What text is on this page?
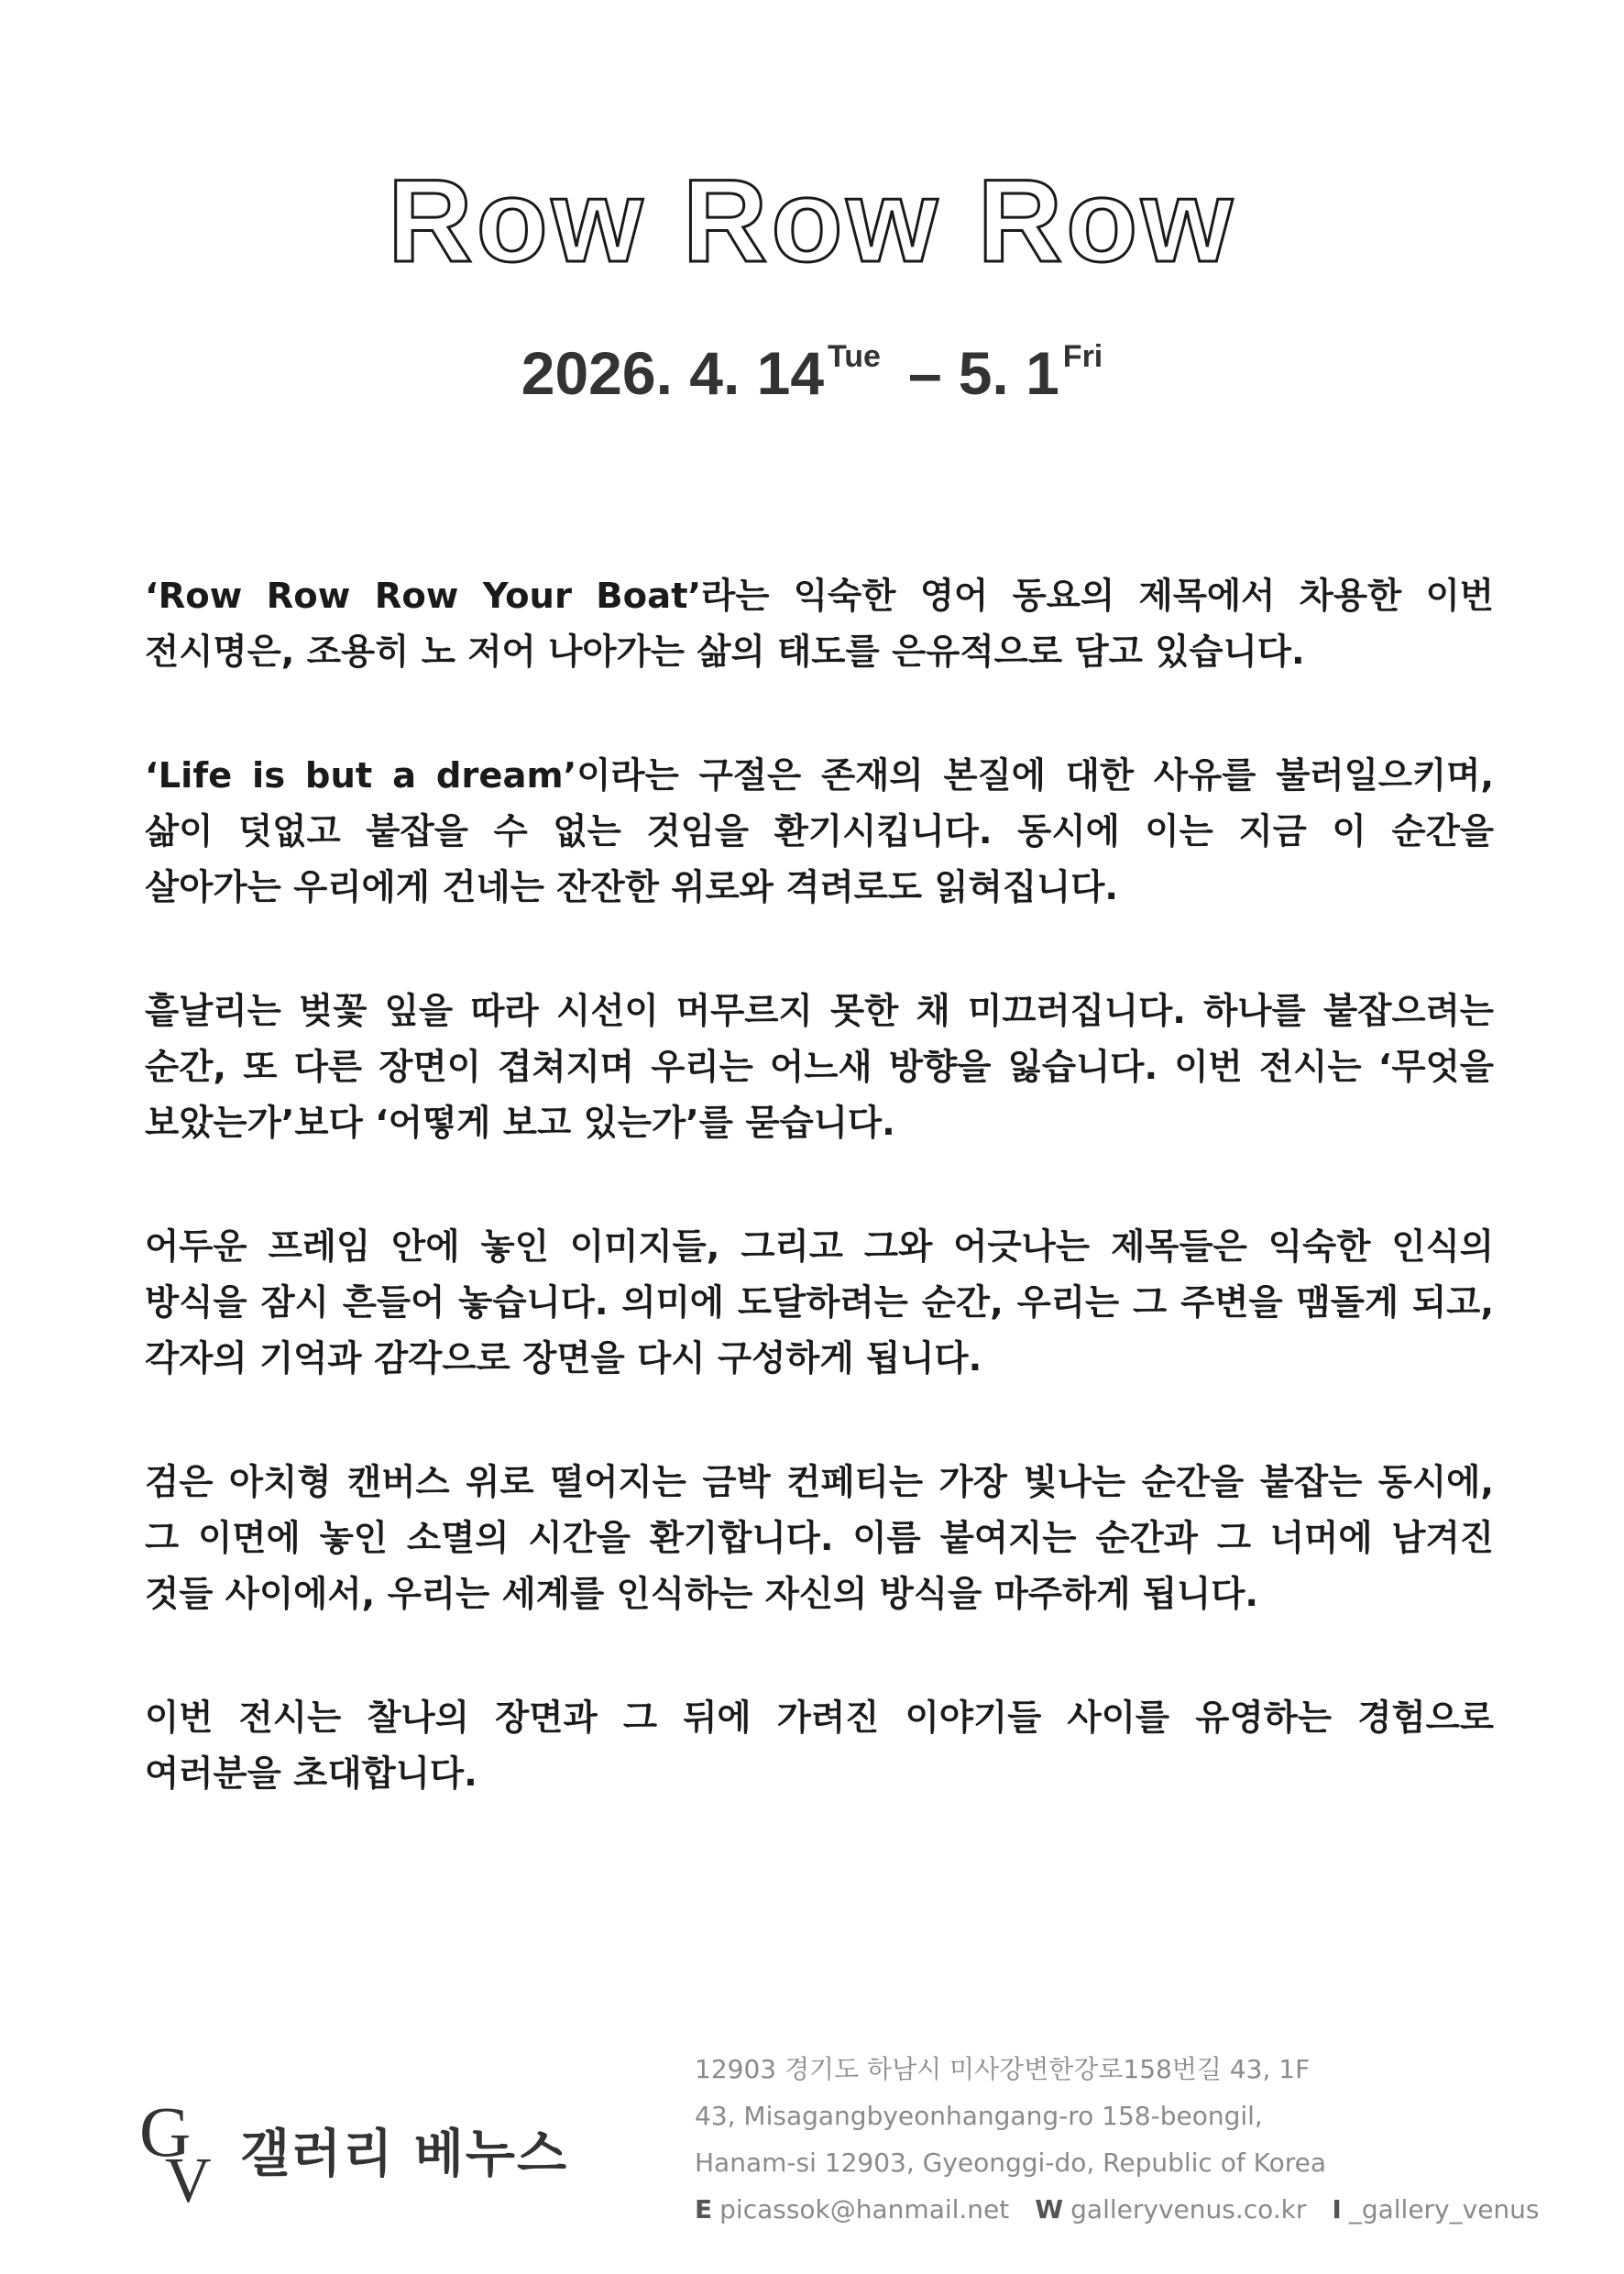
Row Row Row
2026. 4. 14 $^{Tue}$ – 5. 1 $^{Fri}$

‘Row Row Row Your Boat’라는 익숙한 영어 동요의 제목에서 차용한 이번 전시명은, 조용히 노 저어 나아가는 삶의 태도를 은유적으로 담고 있습니다.

‘Life is but a dream’이라는 구절은 존재의 본질에 대한 사유를 불러일으키며, 삶이 덧없고 붙잡을 수 없는 것임을 환기시킵니다. 동시에 이는 지금 이 순간을 살아가는 우리에게 건네는 잔잔한 위로와 격려로도 읽혀집니다.

흩날리는 벚꽃 잎을 따라 시선이 머무르지 못한 채 미끄러집니다. 하나를 붙잡으려는 순간, 또 다른 장면이 겹쳐지며 우리는 어느새 방향을 잃습니다. 이번 전시는 ‘무엇을 보았는가’보다 ‘어떻게 보고 있는가’를 묻습니다.

어두운 프레임 안에 놓인 이미지들, 그리고 그와 어긋나는 제목들은 익숙한 인식의 방식을 잠시 흔들어 놓습니다. 의미에 도달하려는 순간, 우리는 그 주변을 맴돌게 되고, 각자의 기억과 감각으로 장면을 다시 구성하게 됩니다.

검은 아치형 캔버스 위로 떨어지는 금박 컨페티는 가장 빛나는 순간을 붙잡는 동시에, 그 이면에 놓인 소멸의 시간을 환기합니다. 이름 붙여지는 순간과 그 너머에 남겨진 것들 사이에서, 우리는 세계를 인식하는 자신의 방식을 마주하게 됩니다.

이번 전시는 찰나의 장면과 그 뒤에 가려진 이야기들 사이를 유영하는 경험으로 여러분을 초대합니다.

G
V 갤러리 베누스
12903 경기도 하남시 미사강변한강로158번길 43, 1F
43, Misagangbyeonhangang-ro 158-beongil,
Hanam-si 12903, Gyeonggi-do, Republic of Korea
E picassok@hanmail.net W galleryvenus.co.kr I _gallery_venus
